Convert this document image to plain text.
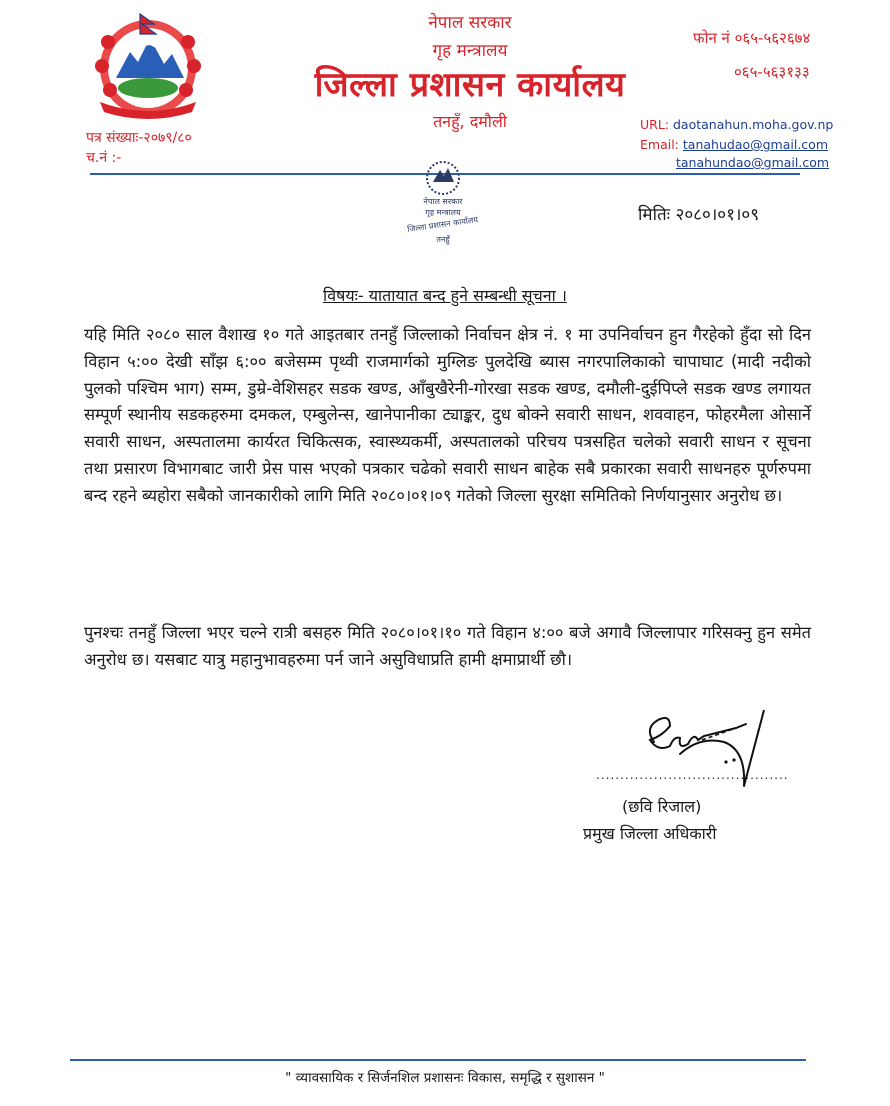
नेपाल सरकार
गृह मन्त्रालय
जिल्ला प्रशासन कार्यालय
तनहुँ, दमौली
फोन नं ०६५-५६२६७४
०६५-५६३१३३
URL: daotanahun.moha.gov.np
Email: tanahudao@gmail.com
tanahundao@gmail.com
पत्र संख्याः-२०७९/८०
च.नं :-
नेपाल सरकार
गृह मन्त्रालय
जिल्ला प्रशासन कार्यालय
तनहुँ
मितिः २०८०।०१।०९
विषयः- यातायात बन्द हुने सम्बन्धी सूचना ।
यहि मिति २०८० साल वैशाख १० गते आइतबार तनहुँ जिल्लाको निर्वाचन क्षेत्र नं. १ मा उपनिर्वाचन हुन गैरहेको हुँदा सो दिन विहान ५:०० देखी साँझ ६:०० बजेसम्म पृथ्वी राजमार्गको मुग्लिङ पुलदेखि ब्यास नगरपालिकाको चापाघाट (मादी नदीको पुलको पश्चिम भाग) सम्म, डुम्रे-वेशिसहर सडक खण्ड, आँबुखैरेनी-गोरखा सडक खण्ड, दमौली-दुईपिप्ले सडक खण्ड लगायत सम्पूर्ण स्थानीय सडकहरुमा दमकल, एम्बुलेन्स, खानेपानीका ट्याङ्कर, दुध बोक्ने सवारी साधन, शववाहन, फोहरमैला ओसार्ने सवारी साधन, अस्पतालमा कार्यरत चिकित्सक, स्वास्थ्यकर्मी, अस्पतालको परिचय पत्रसहित चलेको सवारी साधन र सूचना तथा प्रसारण विभागबाट जारी प्रेस पास भएको पत्रकार चढेको सवारी साधन बाहेक सबै प्रकारका सवारी साधनहरु पूर्णरुपमा बन्द रहने ब्यहोरा सबैको जानकारीको लागि मिति २०८०।०१।०९ गतेको जिल्ला सुरक्षा समितिको निर्णयानुसार अनुरोध छ।
पुनश्चः तनहुँ जिल्ला भएर चल्ने रात्री बसहरु मिति २०८०।०१।१० गते विहान ४:०० बजे अगावै जिल्लापार गरिसक्नु हुन समेत अनुरोध छ। यसबाट यात्रु महानुभावहरुमा पर्न जाने असुविधाप्रति हामी क्षमाप्रार्थी छौ।
........................................
(छवि रिजाल)
प्रमुख जिल्ला अधिकारी
" व्यावसायिक र सिर्जनशिल प्रशासनः विकास, समृद्धि र सुशासन "
